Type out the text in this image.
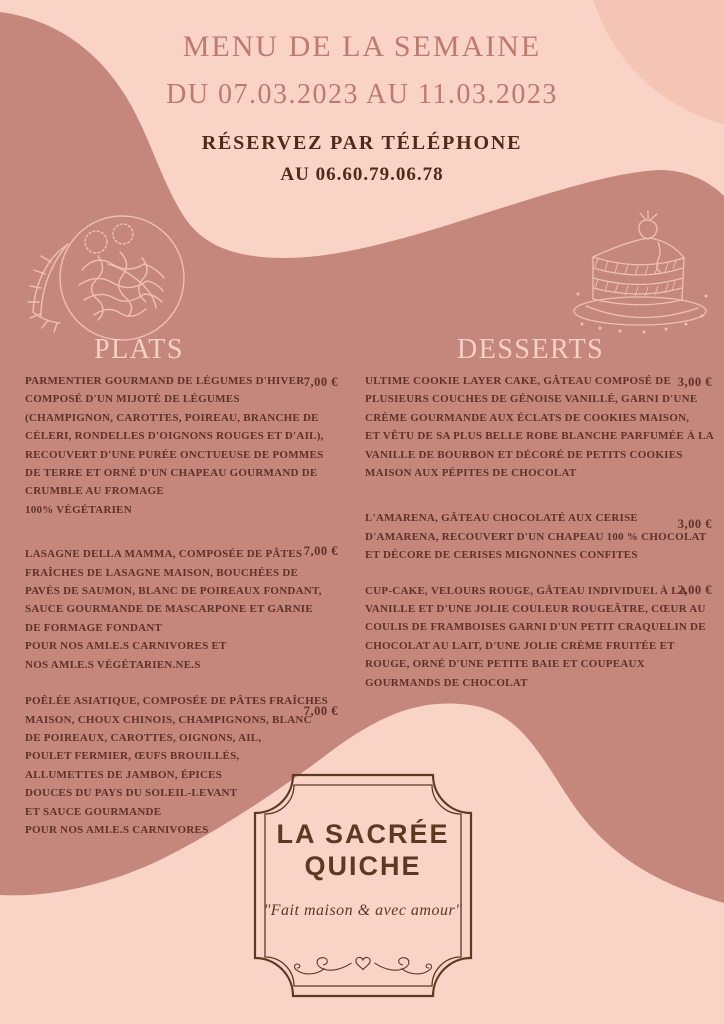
MENU DE LA SEMAINE
DU 07.03.2023 AU 11.03.2023
RÉSERVEZ PAR TÉLÉPHONE
AU 06.60.79.06.78
PLATS	DESSERTS
PARMENTIER GOURMAND DE LÉGUMES D'HIVER
COMPOSÉ D'UN MIJOTÉ DE LÉGUMES
(CHAMPIGNON, CAROTTES, POIREAU, BRANCHE DE
CÉLERI, RONDELLES D'OIGNONS ROUGES ET D'AIL),
RECOUVERT D'UNE PURÉE ONCTUEUSE DE POMMES
DE TERRE ET ORNÉ D'UN CHAPEAU GOURMAND DE
CRUMBLE AU FROMAGE
100% VÉGÉTARIEN
7,00 €
LASAGNE DELLA MAMMA, COMPOSÉE DE PÂTES
FRAÎCHES DE LASAGNE MAISON, BOUCHÉES DE
PAVÉS DE SAUMON, BLANC DE POIREAUX FONDANT,
SAUCE GOURMANDE DE MASCARPONE ET GARNIE
DE FORMAGE FONDANT
POUR NOS AMI.E.S CARNIVORES ET
NOS AMI.E.S VÉGÉTARIEN.NE.S
7,00 €
POÊLÉE ASIATIQUE, COMPOSÉE DE PÂTES FRAÎCHES
MAISON, CHOUX CHINOIS, CHAMPIGNONS, BLANC
DE POIREAUX, CAROTTES, OIGNONS, AIL,
POULET FERMIER, ŒUFS BROUILLÉS,
ALLUMETTES DE JAMBON, ÉPICES
DOUCES DU PAYS DU SOLEIL-LEVANT
ET SAUCE GOURMANDE
POUR NOS AMI.E.S CARNIVORES
7,00 €
ULTIME COOKIE LAYER CAKE, GÂTEAU COMPOSÉ DE
PLUSIEURS COUCHES DE GÉNOISE VANILLÉ, GARNI D'UNE
CRÈME GOURMANDE AUX ÉCLATS DE COOKIES MAISON,
ET VÊTU DE SA PLUS BELLE ROBE BLANCHE PARFUMÉE À LA
VANILLE DE BOURBON ET DÉCORÉ DE PETITS COOKIES
MAISON AUX PÉPITES DE CHOCOLAT
3,00 €
L'AMARENA, GÂTEAU CHOCOLATÉ AUX CERISE
D'AMARENA, RECOUVERT D'UN CHAPEAU 100 % CHOCOLAT
ET DÉCORE DE CERISES MIGNONNES CONFITES
3,00 €
CUP-CAKE, VELOURS ROUGE, GÂTEAU INDIVIDUEL À LA
VANILLE ET D'UNE JOLIE COULEUR ROUGEÂTRE, CŒUR AU
COULIS DE FRAMBOISES GARNI D'UN PETIT CRAQUELIN DE
CHOCOLAT AU LAIT, D'UNE JOLIE CRÈME FRUITÉE ET
ROUGE, ORNÉ D'UNE PETITE BAIE ET COUPEAUX
GOURMANDS DE CHOCOLAT
2,00 €
LA SACRÉE
QUICHE
"Fait maison & avec amour"
